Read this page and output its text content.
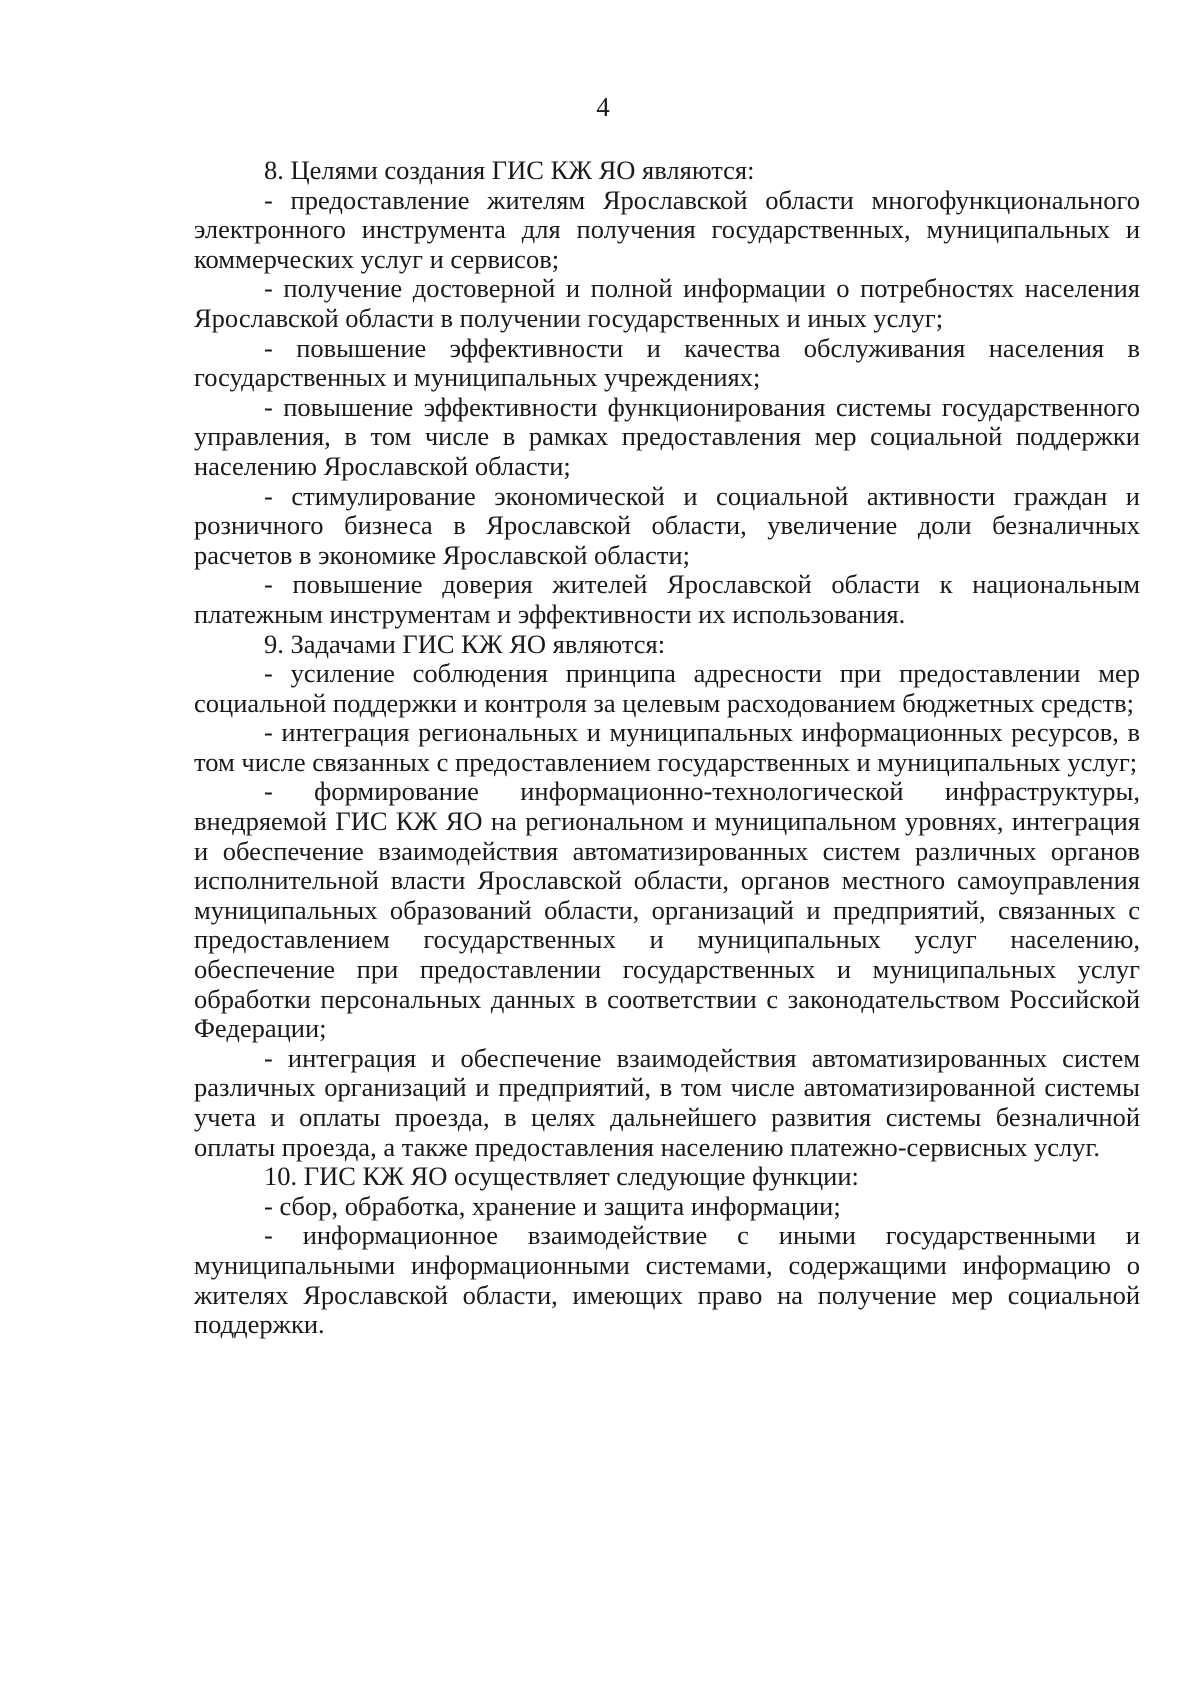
4

8. Целями создания ГИС КЖ ЯО являются:

- предоставление жителям Ярославской области многофункционального электронного инструмента для получения государственных, муниципальных и коммерческих услуг и сервисов;

- получение достоверной и полной информации о потребностях населения Ярославской области в получении государственных и иных услуг;

- повышение эффективности и качества обслуживания населения в государственных и муниципальных учреждениях;

- повышение эффективности функционирования системы государственного управления, в том числе в рамках предоставления мер социальной поддержки населению Ярославской области;

- стимулирование экономической и социальной активности граждан и розничного бизнеса в Ярославской области, увеличение доли безналичных расчетов в экономике Ярославской области;

- повышение доверия жителей Ярославской области к национальным платежным инструментам и эффективности их использования.

9. Задачами ГИС КЖ ЯО являются:

- усиление соблюдения принципа адресности при предоставлении мер социальной поддержки и контроля за целевым расходованием бюджетных средств;

- интеграция региональных и муниципальных информационных ресурсов, в том числе связанных с предоставлением государственных и муниципальных услуг;

- формирование информационно-технологической инфраструктуры, внедряемой ГИС КЖ ЯО на региональном и муниципальном уровнях, интеграция и обеспечение взаимодействия автоматизированных систем различных органов исполнительной власти Ярославской области, органов местного самоуправления муниципальных образований области, организаций и предприятий, связанных с предоставлением государственных и муниципальных услуг населению, обеспечение при предоставлении государственных и муниципальных услуг обработки персональных данных в соответствии с законодательством Российской Федерации;

- интеграция и обеспечение взаимодействия автоматизированных систем различных организаций и предприятий, в том числе автоматизированной системы учета и оплаты проезда, в целях дальнейшего развития системы безналичной оплаты проезда, а также предоставления населению платежно-сервисных услуг.

10. ГИС КЖ ЯО осуществляет следующие функции:

- сбор, обработка, хранение и защита информации;

- информационное взаимодействие с иными государственными и муниципальными информационными системами, содержащими информацию о жителях Ярославской области, имеющих право на получение мер социальной поддержки.
